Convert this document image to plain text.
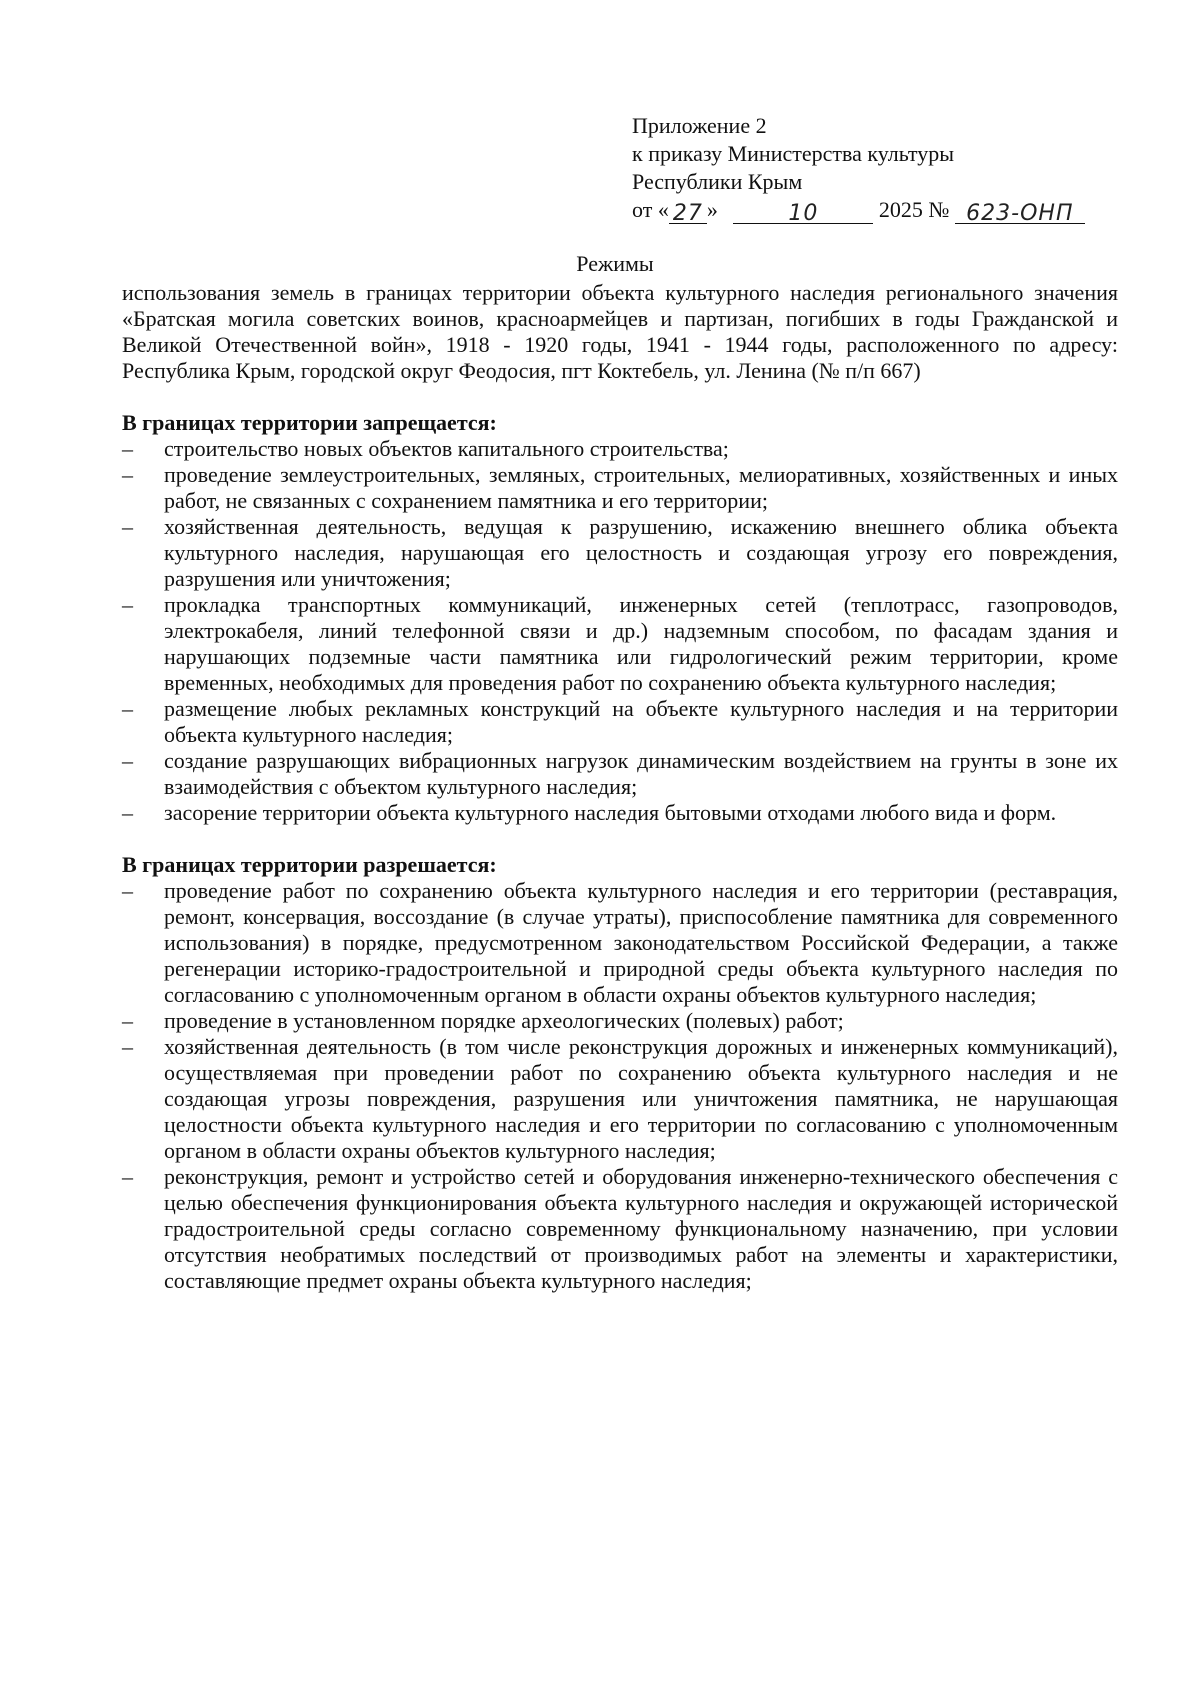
Приложение 2
к приказу Министерства культуры
Республики Крым
от « 27 »	10	2025 № 623-ОНП
Режимы

использования земель в границах территории объекта культурного наследия регионального значения «Братская могила советских воинов, красноармейцев и партизан, погибших в годы Гражданской и Великой Отечественной войн», 1918 - 1920 годы, 1941 - 1944 годы, расположенного по адресу: Республика Крым, городской округ Феодосия, пгт Коктебель, ул. Ленина (№ п/п 667)

В границах территории запрещается:
– строительство новых объектов капитального строительства;
– проведение землеустроительных, земляных, строительных, мелиоративных, хозяйственных и иных работ, не связанных с сохранением памятника и его территории;
– хозяйственная деятельность, ведущая к разрушению, искажению внешнего облика объекта культурного наследия, нарушающая его целостность и создающая угрозу его повреждения, разрушения или уничтожения;
– прокладка транспортных коммуникаций, инженерных сетей (теплотрасс, газопроводов, электрокабеля, линий телефонной связи и др.) надземным способом, по фасадам здания и нарушающих подземные части памятника или гидрологический режим территории, кроме временных, необходимых для проведения работ по сохранению объекта культурного наследия;
– размещение любых рекламных конструкций на объекте культурного наследия и на территории объекта культурного наследия;
– создание разрушающих вибрационных нагрузок динамическим воздействием на грунты в зоне их взаимодействия с объектом культурного наследия;
– засорение территории объекта культурного наследия бытовыми отходами любого вида и форм.
В границах территории разрешается:
– проведение работ по сохранению объекта культурного наследия и его территории (реставрация, ремонт, консервация, воссоздание (в случае утраты), приспособление памятника для современного использования) в порядке, предусмотренном законодательством Российской Федерации, а также регенерации историко-градостроительной и природной среды объекта культурного наследия по согласованию с уполномоченным органом в области охраны объектов культурного наследия;
– проведение в установленном порядке археологических (полевых) работ;
– хозяйственная деятельность (в том числе реконструкция дорожных и инженерных коммуникаций), осуществляемая при проведении работ по сохранению объекта культурного наследия и не создающая угрозы повреждения, разрушения или уничтожения памятника, не нарушающая целостности объекта культурного наследия и его территории по согласованию с уполномоченным органом в области охраны объектов культурного наследия;
– реконструкция, ремонт и устройство сетей и оборудования инженерно-технического обеспечения с целью обеспечения функционирования объекта культурного наследия и окружающей исторической градостроительной среды согласно современному функциональному назначению, при условии отсутствия необратимых последствий от производимых работ на элементы и характеристики, составляющие предмет охраны объекта культурного наследия;
